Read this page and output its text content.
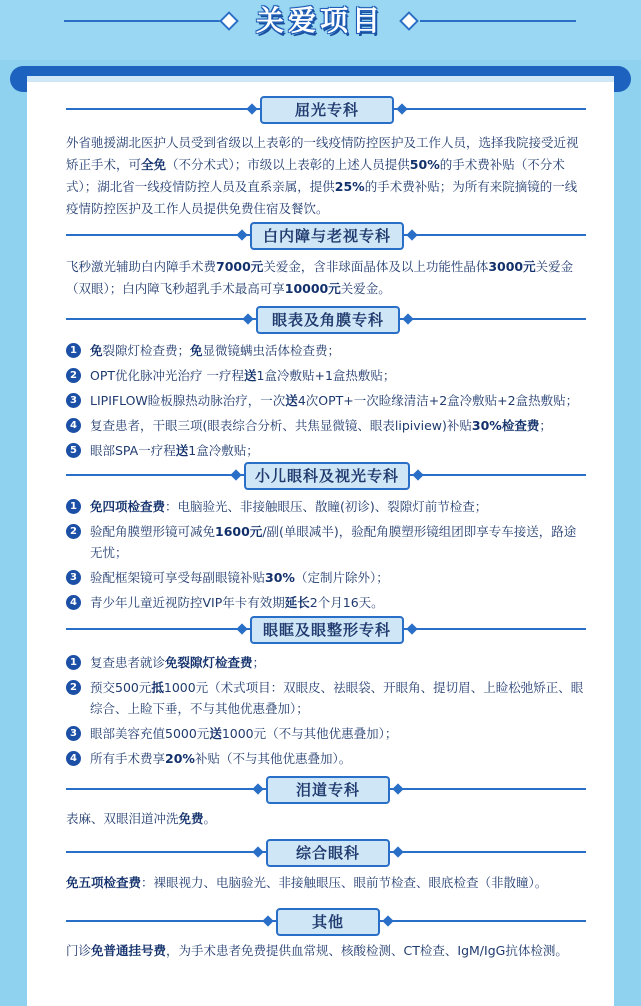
关爱项目
屈光专科
外省驰援湖北医护人员受到省级以上表彰的一线疫情防控医护及工作人员，选择我院接受近视矫正手术，可全免（不分术式）；市级以上表彰的上述人员提供50%的手术费补贴（不分术式）；湖北省一线疫情防控人员及直系亲属，提供25%的手术费补贴；为所有来院摘镜的一线疫情防控医护及工作人员提供免费住宿及餐饮。
白内障与老视专科
飞秒激光辅助白内障手术费7000元关爱金，含非球面晶体及以上功能性晶体3000元关爱金（双眼）；白内障飞秒超乳手术最高可享10000元关爱金。
眼表及角膜专科
1	免裂隙灯检查费；免显微镜螨虫活体检查费；
2	OPT优化脉冲光治疗 一疗程送1盒冷敷贴+1盒热敷贴；
3	LIPIFLOW睑板腺热动脉治疗，一次送4次OPT+一次睑缘清洁+2盒冷敷贴+2盒热敷贴；
4	复查患者，干眼三项(眼表综合分析、共焦显微镜、眼表lipiview)补贴30%检查费；
5	眼部SPA一疗程送1盒冷敷贴；
小儿眼科及视光专科
1	免四项检查费：电脑验光、非接触眼压、散瞳(初诊)、裂隙灯前节检查；
2	验配角膜塑形镜可减免1600元/副(单眼减半)，验配角膜塑形镜组团即享专车接送，路途无忧；
3	验配框架镜可享受每副眼镜补贴30%（定制片除外）；
4	青少年儿童近视防控VIP年卡有效期延长2个月16天。
眼眶及眼整形专科
1	复查患者就诊免裂隙灯检查费；
2	预交500元抵1000元（术式项目：双眼皮、祛眼袋、开眼角、提切眉、上睑松弛矫正、眼综合、上睑下垂，不与其他优惠叠加）；
3	眼部美容充值5000元送1000元（不与其他优惠叠加）；
4	所有手术费享20%补贴（不与其他优惠叠加）。
泪道专科
表麻、双眼泪道冲洗免费。
综合眼科
免五项检查费：裸眼视力、电脑验光、非接触眼压、眼前节检查、眼底检查（非散瞳）。
其他
门诊免普通挂号费，为手术患者免费提供血常规、核酸检测、CT检查、IgM/IgG抗体检测。
